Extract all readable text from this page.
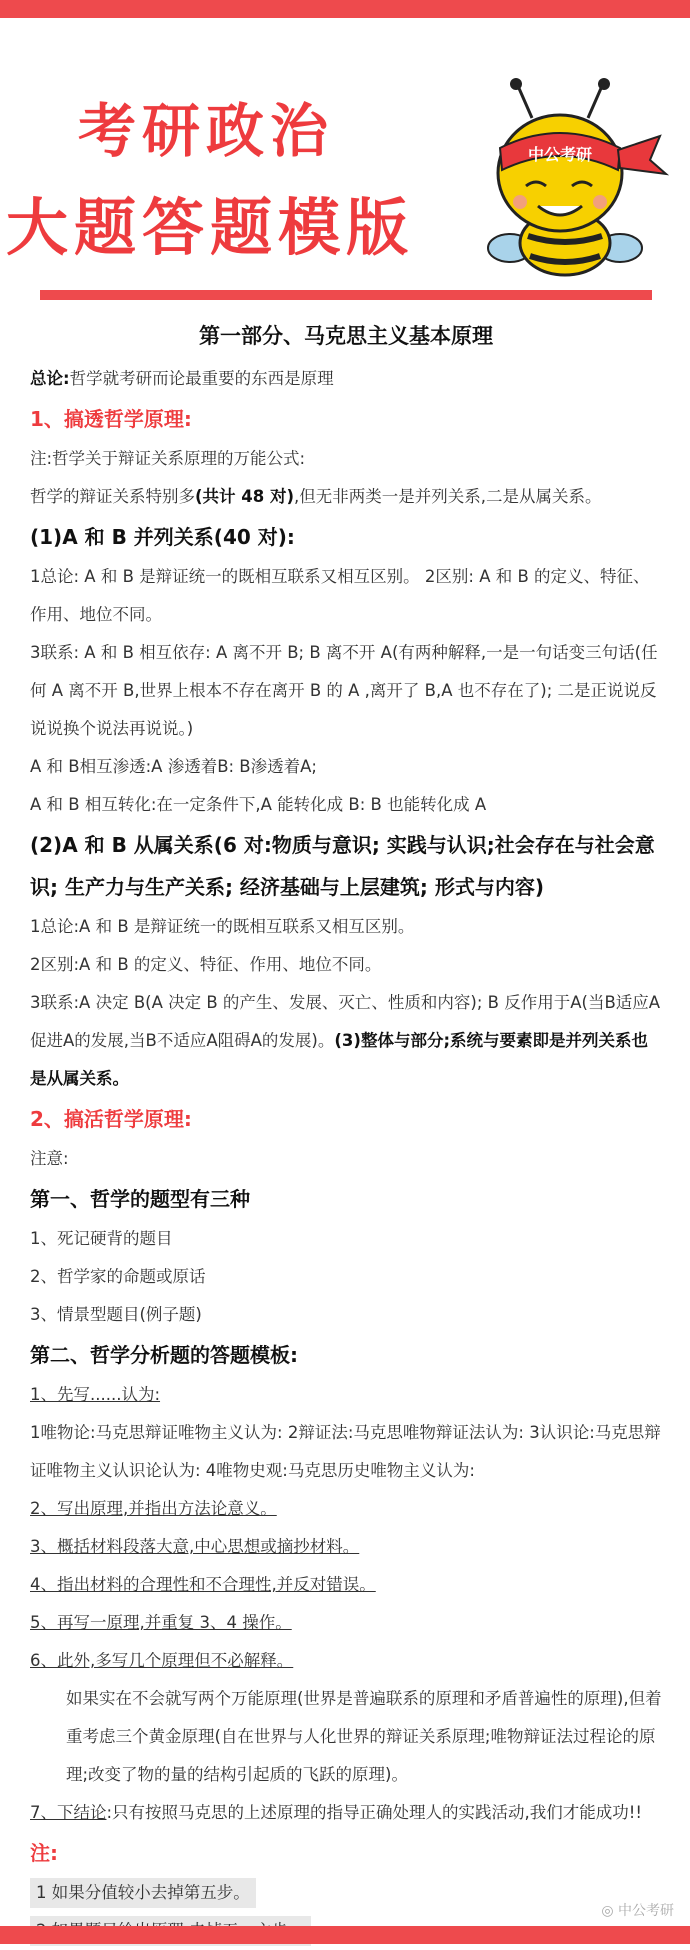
考研政治
大题答题模版
中公考研
第一部分、马克思主义基本原理
总论:哲学就考研而论最重要的东西是原理
1、搞透哲学原理:
注:哲学关于辩证关系原理的万能公式:
哲学的辩证关系特别多(共计 48 对),但无非两类一是并列关系,二是从属关系。
(1)A 和 B 并列关系(40 对):
1总论: A 和 B 是辩证统一的既相互联系又相互区别。 2区别: A 和 B 的定义、特征、作用、地位不同。
3联系: A 和 B 相互依存: A 离不开 B; B 离不开 A(有两种解释,一是一句话变三句话(任何 A 离不开 B,世界上根本不存在离开 B 的 A ,离开了 B,A 也不存在了); 二是正说说反说说换个说法再说说。)
A 和 B相互渗透:A 渗透着B: B渗透着A;
A 和 B 相互转化:在一定条件下,A 能转化成 B: B 也能转化成 A
(2)A 和 B 从属关系(6 对:物质与意识; 实践与认识;社会存在与社会意识; 生产力与生产关系; 经济基础与上层建筑; 形式与内容)
1总论:A 和 B 是辩证统一的既相互联系又相互区别。
2区别:A 和 B 的定义、特征、作用、地位不同。
3联系:A 决定 B(A 决定 B 的产生、发展、灭亡、性质和内容); B 反作用于A(当B适应A促进A的发展,当B不适应A阻碍A的发展)。(3)整体与部分;系统与要素即是并列关系也是从属关系。
2、搞活哲学原理:
注意:
第一、哲学的题型有三种
1、死记硬背的题目
2、哲学家的命题或原话
3、情景型题目(例子题)
第二、哲学分析题的答题模板:
1、先写......认为:
1唯物论:马克思辩证唯物主义认为: 2辩证法:马克思唯物辩证法认为: 3认识论:马克思辩证唯物主义认识论认为: 4唯物史观:马克思历史唯物主义认为:
2、写出原理,并指出方法论意义。
3、概括材料段落大意,中心思想或摘抄材料。
4、指出材料的合理性和不合理性,并反对错误。
5、再写一原理,并重复 3、4 操作。
6、此外,多写几个原理但不必解释。
如果实在不会就写两个万能原理(世界是普遍联系的原理和矛盾普遍性的原理),但着重考虑三个黄金原理(自在世界与人化世界的辩证关系原理;唯物辩证法过程论的原理;改变了物的量的结构引起质的飞跃的原理)。
7、下结论:只有按照马克思的上述原理的指导正确处理人的实践活动,我们才能成功!!
注:
1 如果分值较小去掉第五步。
◎ 中公考研
